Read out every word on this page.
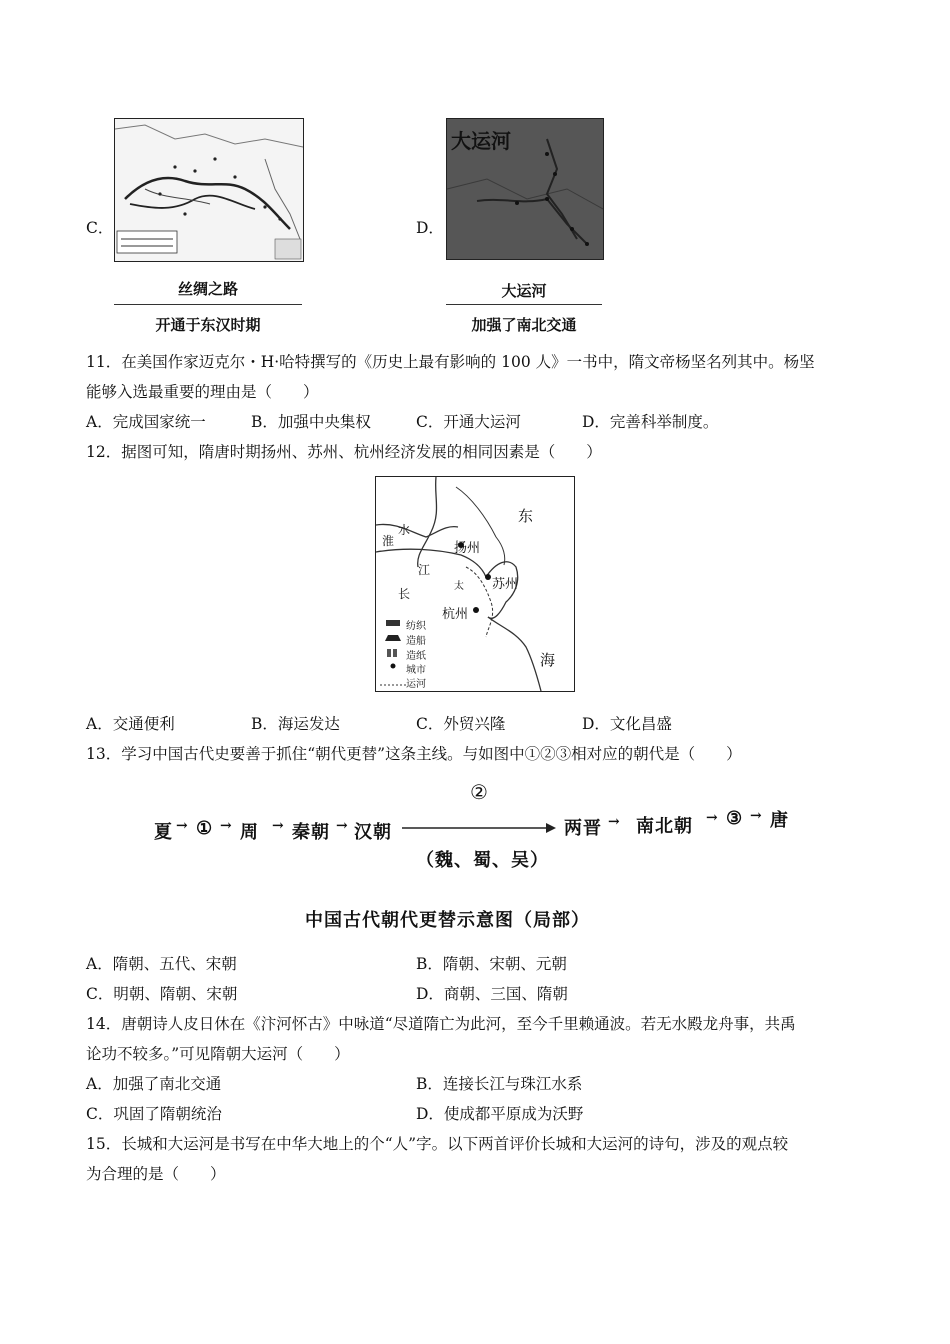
C．
丝绸之路
开通于东汉时期
D．
大运河
大运河
加强了南北交通
11．在美国作家迈克尔・H·哈特撰写的《历史上最有影响的 100 人》一书中，隋文帝杨坚名列其中。杨坚
能够入选最重要的理由是（　　）
A．完成国家统一	B．加强中央集权	C．开通大运河	D．完善科举制度。
12．据图可知，隋唐时期扬州、苏州、杭州经济发展的相同因素是（　　）
东
海
淮
水
长
江
太
扬州
苏州
杭州
纺织
造船
造纸
城市
运河
A．交通便利	B．海运发达	C．外贸兴隆	D．文化昌盛
13．学习中国古代史要善于抓住“朝代更替”这条主线。与如图中①②③相对应的朝代是（　　）
②
夏 → ① → 周 → 秦朝 → 汉朝	两晋 → 南北朝 → ③ → 唐
（魏、蜀、吴）
中国古代朝代更替示意图（局部）
A．隋朝、五代、宋朝	B．隋朝、宋朝、元朝
C．明朝、隋朝、宋朝	D．商朝、三国、隋朝
14．唐朝诗人皮日休在《汴河怀古》中咏道“尽道隋亡为此河，至今千里赖通波。若无水殿龙舟事，共禹
论功不较多。”可见隋朝大运河（　　）
A．加强了南北交通	B．连接长江与珠江水系
C．巩固了隋朝统治	D．使成都平原成为沃野
15．长城和大运河是书写在中华大地上的个“人”字。以下两首评价长城和大运河的诗句，涉及的观点较
为合理的是（　　）
